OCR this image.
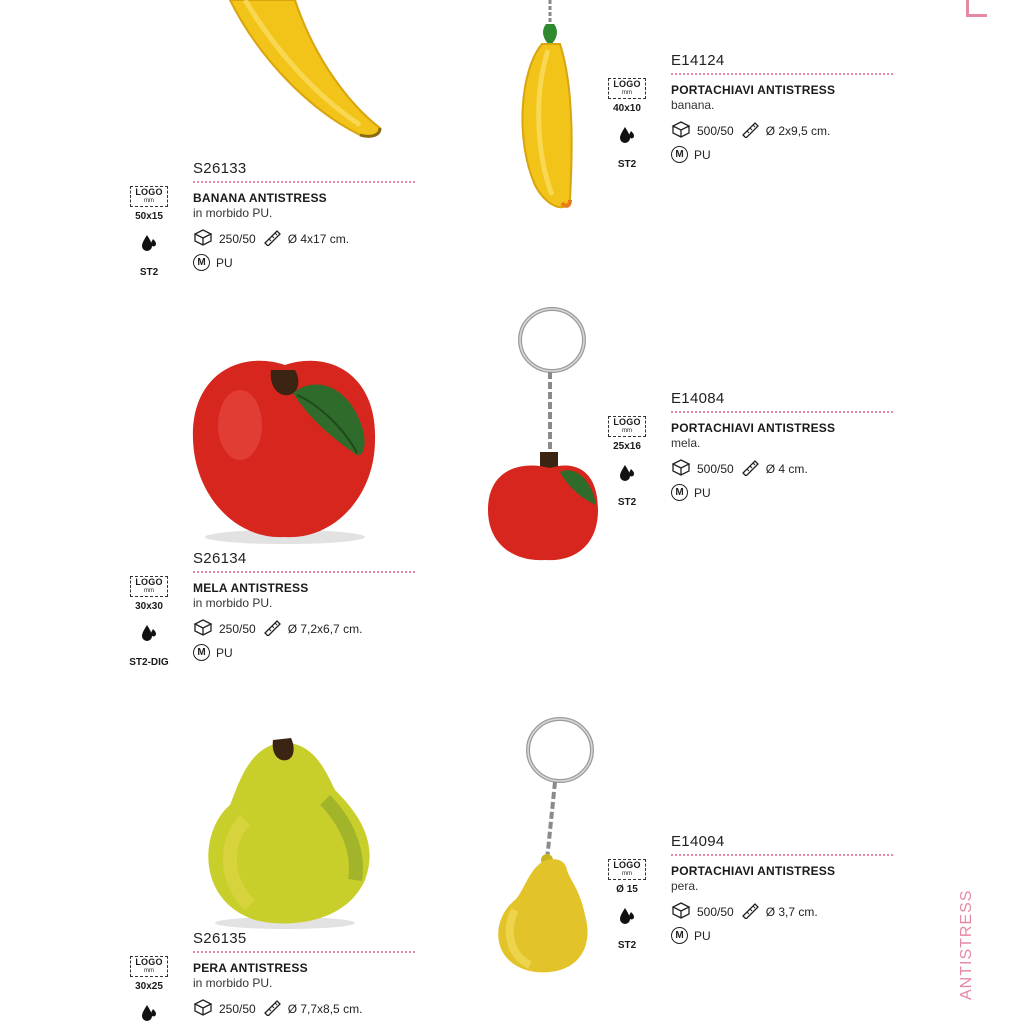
ANTISTRESS
LOGO
mm
50x15
ST2
S26133
BANANA ANTISTRESS
in morbido PU.
250/50	Ø 4x17 cm.
M PU
LOGO
mm
40x10
ST2
E14124
PORTACHIAVI ANTISTRESS
banana.
500/50	Ø 2x9,5 cm.
M PU
LOGO
mm
30x30
ST2-DIG
S26134
MELA ANTISTRESS
in morbido PU.
250/50	Ø 7,2x6,7 cm.
M PU
LOGO
mm
25x16
ST2
E14084
PORTACHIAVI ANTISTRESS
mela.
500/50	Ø 4 cm.
M PU
LOGO
mm
30x25
S26135
PERA ANTISTRESS
in morbido PU.
250/50	Ø 7,7x8,5 cm.
LOGO
mm
Ø 15
ST2
E14094
PORTACHIAVI ANTISTRESS
pera.
500/50	Ø 3,7 cm.
M PU
